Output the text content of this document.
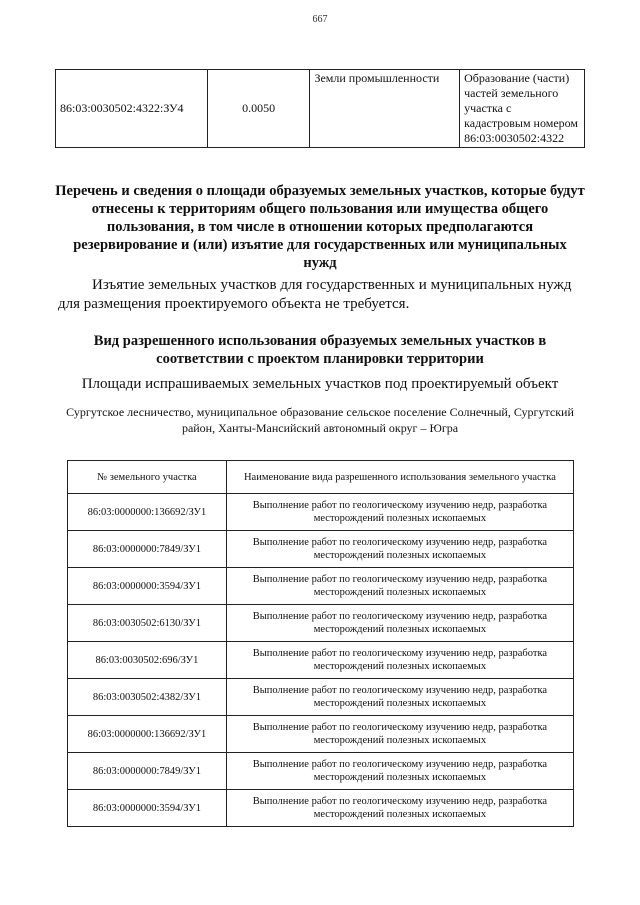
667
86:03:0030502:4322:ЗУ4	0.0050	Земли промышленности	Образование (части) частей земельного участка с кадастровым номером 86:03:0030502:4322
Перечень и сведения о площади образуемых земельных участков, которые будут отнесены к территориям общего пользования или имущества общего пользования, в том числе в отношении которых предполагаются резервирование и (или) изъятие для государственных или муниципальных нужд
Изъятие земельных участков для государственных и муниципальных нужд для размещения проектируемого объекта не требуется.
Вид разрешенного использования образуемых земельных участков в соответствии с проектом планировки территории
Площади испрашиваемых земельных участков под проектируемый объект
Сургутское лесничество, муниципальное образование сельское поселение Солнечный, Сургутский район, Ханты-Мансийский автономный округ – Югра
№ земельного участка	Наименование вида разрешенного использования земельного участка
86:03:0000000:136692/ЗУ1	Выполнение работ по геологическому изучению недр, разработка месторождений полезных ископаемых
86:03:0000000:7849/ЗУ1	Выполнение работ по геологическому изучению недр, разработка месторождений полезных ископаемых
86:03:0000000:3594/ЗУ1	Выполнение работ по геологическому изучению недр, разработка месторождений полезных ископаемых
86:03:0030502:6130/ЗУ1	Выполнение работ по геологическому изучению недр, разработка месторождений полезных ископаемых
86:03:0030502:696/ЗУ1	Выполнение работ по геологическому изучению недр, разработка месторождений полезных ископаемых
86:03:0030502:4382/ЗУ1	Выполнение работ по геологическому изучению недр, разработка месторождений полезных ископаемых
86:03:0000000:136692/ЗУ1	Выполнение работ по геологическому изучению недр, разработка месторождений полезных ископаемых
86:03:0000000:7849/ЗУ1	Выполнение работ по геологическому изучению недр, разработка месторождений полезных ископаемых
86:03:0000000:3594/ЗУ1	Выполнение работ по геологическому изучению недр, разработка месторождений полезных ископаемых
